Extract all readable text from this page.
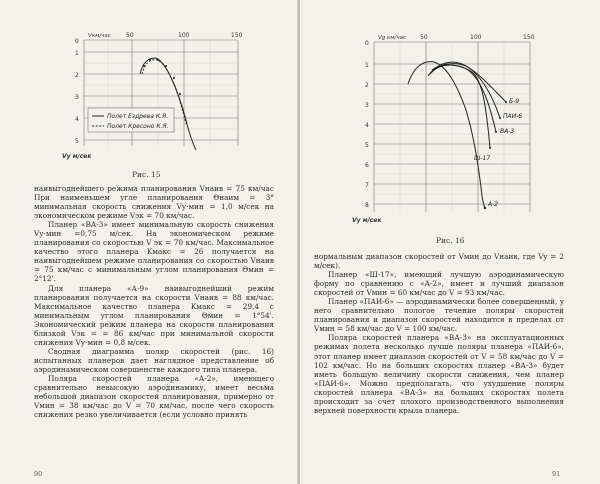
Полет Ездрева К.Я.
Полет Кресоно К.Я.
Vкм/час	50	100	150
0
1
2
3
4
5
Vy м/сек
Рис. 15

наивыгоднейшего режима планирования Vнаив = 75 км/час При наименьшем угле планирования Θнаим = 3° минимальная скорость снижения Vу·мин = 1,0 м/сек на экономическом режиме Vэк = 70 км/час.

Планер «ВА-3» имеет минимальную скорость снижения Vу·мин =0,75 м/сек. На экономическом режиме планирования со скоростью V эк = 70 км/час. Максимальное качество этого планера Kмакс = 26 получается на наивыгоднейшем режиме планирования со скоростью Vнаив = 75 км/час с минимальным углом планирования Θмин = 2°12'.

Для планера «А-9» наивыгоднейший режим планирования получается на скорости Vнаив = 88 км/час. Максимальное качество планера Kмакс = 29,4 с минимальным углом планирования Θмин = 1°54'. Экономический режим планера на скорости планирования близкой Vэк = = 86 км/час при минимальной скорости снижения Vу·мин = 0,8 м/сек.

Сводная диаграмма поляр скоростей (рис. 16) испытанных планеров дает наглядное представление об аэродинамическом совершенстве каждого типа планера.

Поляра скоростей планера «А-2», имеющего сравнительно невысокую аэродинамику, имеет весьма небольшой диапазон скоростей планирования, примерно от Vмин = 38 км/час до V = 70 км/час, после чего скорость снижения резко увеличивается (если условно принять

90
Б-9
ПАИ-6
ВА-3
Ш-17
А-2
Vg км/час 50	100	150
0
1
2
3
4
5
6
7
8
Vy м/сек
Рис. 16

нормальным диапазон скоростей от Vмин до Vнаив, где Vy = 2 м/сек).

Планер «Ш-17», имеющий лучшую аэродинамическую форму по сравнению с «А-2», имеет и лучший диапазон скоростей от Vмин = 60 км/час до V = 93 км/час.

Планер «ПАИ-6» — аэродинамически более совершенный, у него сравнительно пологое течение поляры скоростей планирования и диапазон скоростей находится в пределах от Vмин = 58 км/час до V = 100 км/час.

Поляра скоростей планера «ВА-3» на эксплуатационных режимах полета несколько лучше поляры планера «ПАИ-6», этот планер имеет диапазон скоростей от V = 58 км/час до V = 102 км/час. Но на больших скоростях планер «ВА-3» будет иметь большую величину скорости снижения, чем планер «ПАИ-6». Можно предполагать, что ухудшение поляры скоростей планера «ВА-3» на больших скоростях полета происходит за счет плохого производственного выполнения верхней поверхности крыла планера.

91
